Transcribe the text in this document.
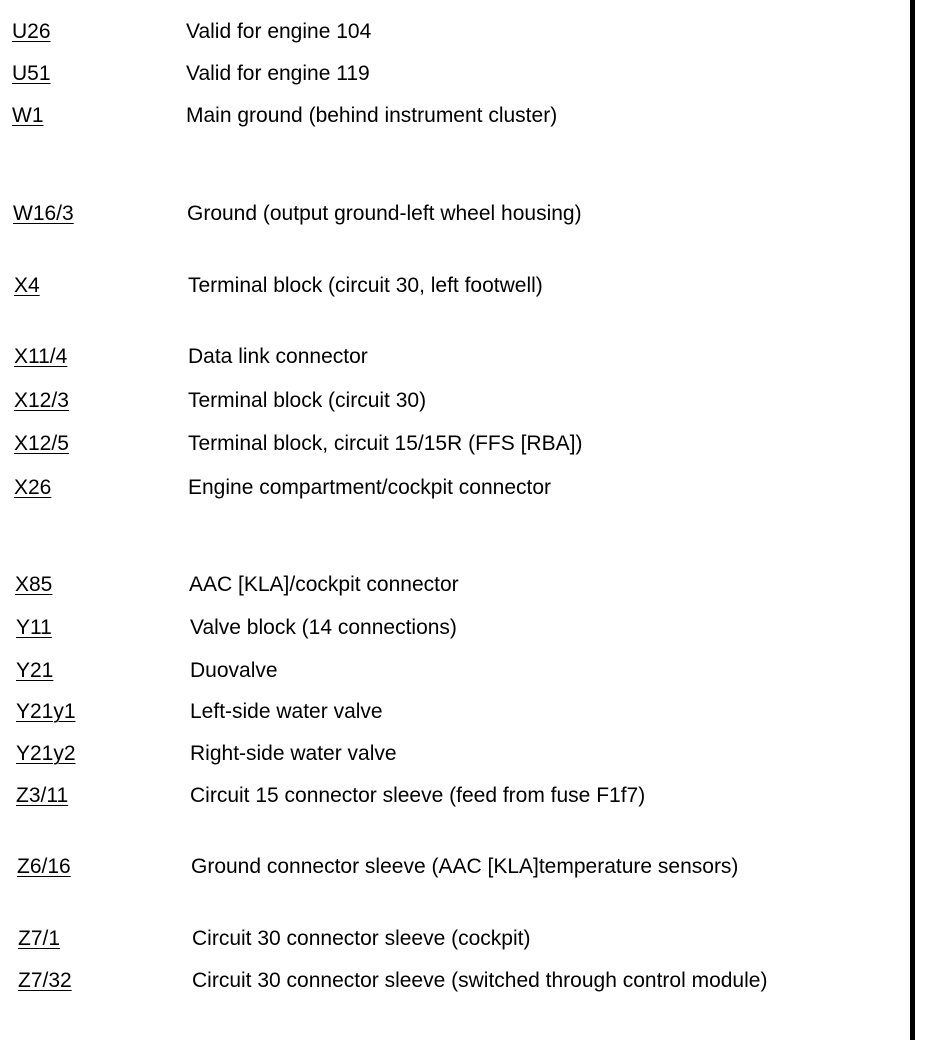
U26	Valid for engine 104
U51	Valid for engine 119
W1	Main ground (behind instrument cluster)
W16/3	Ground (output ground-left wheel housing)
X4	Terminal block (circuit 30, left footwell)
X11/4	Data link connector
X12/3	Terminal block (circuit 30)
X12/5	Terminal block, circuit 15/15R (FFS [RBA])
X26	Engine compartment/cockpit connector
X85	AAC [KLA]/cockpit connector
Y11	Valve block (14 connections)
Y21	Duovalve
Y21y1	Left-side water valve
Y21y2	Right-side water valve
Z3/11	Circuit 15 connector sleeve (feed from fuse F1f7)
Z6/16	Ground connector sleeve (AAC [KLA]temperature sensors)
Z7/1	Circuit 30 connector sleeve (cockpit)
Z7/32	Circuit 30 connector sleeve (switched through control module)
